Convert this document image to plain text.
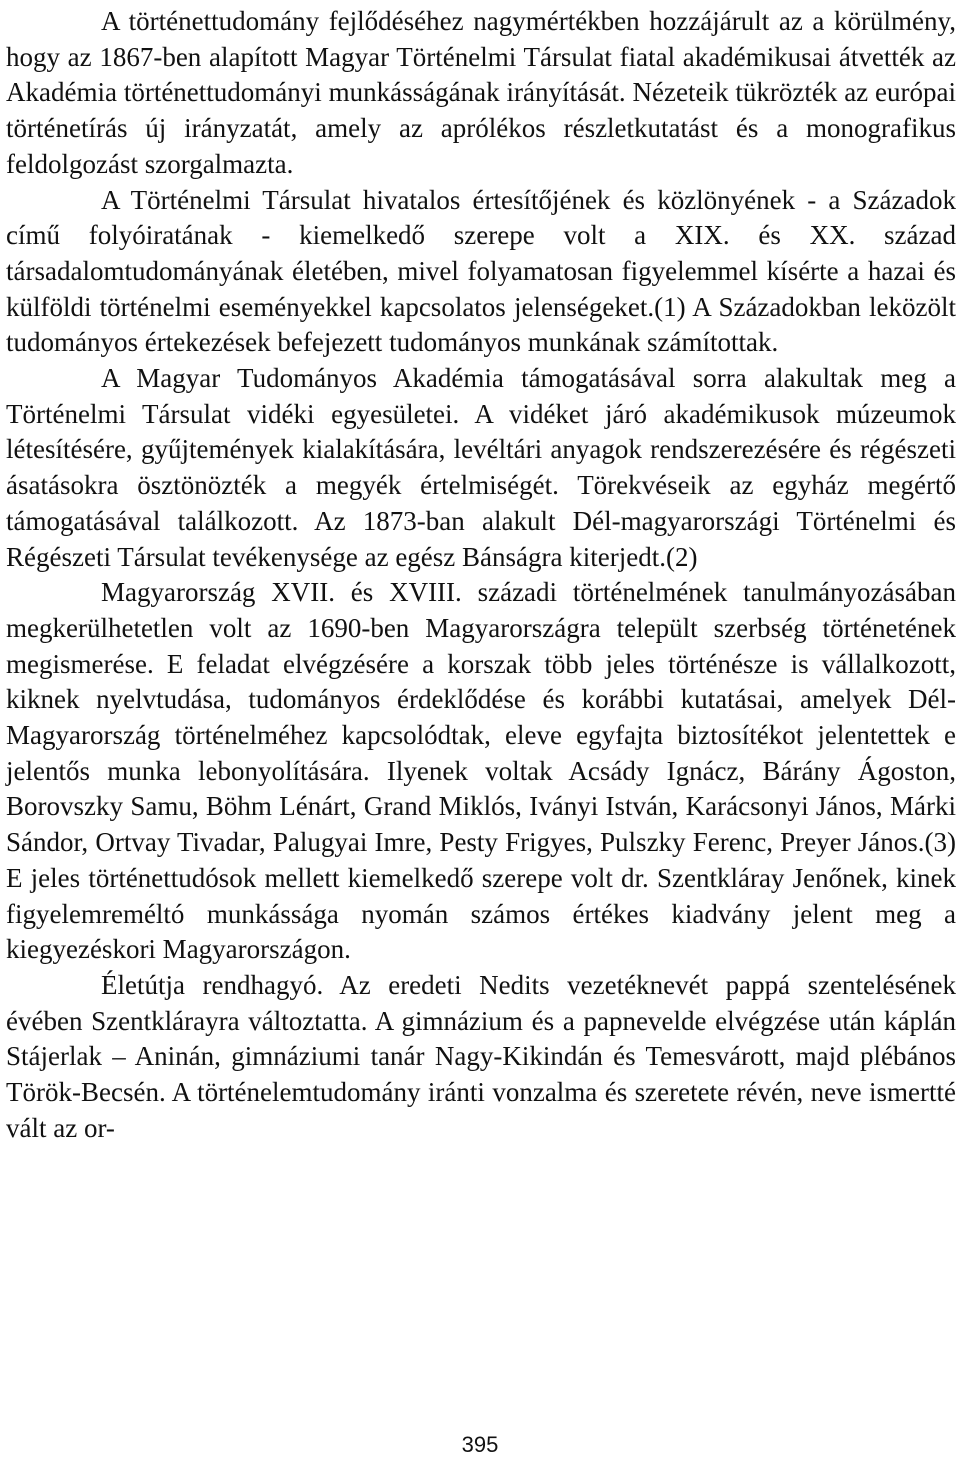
A történettudomány fejlődéséhez nagymértékben hozzájárult az a körülmény, hogy az 1867-ben alapított Magyar Történelmi Társulat fiatal akadémikusai átvették az Akadémia történettudományi munkásságának irányítását. Nézeteik tükrözték az európai történetírás új irányzatát, amely az aprólékos részletkutatást és a monografikus feldolgozást szorgalmazta.

A Történelmi Társulat hivatalos értesítőjének és közlönyének - a Századok című folyóiratának - kiemelkedő szerepe volt a XIX. és XX. század társadalomtudományának életében, mivel folyamatosan figyelemmel kísérte a hazai és külföldi történelmi eseményekkel kapcsolatos jelenségeket.(1) A Századokban leközölt tudományos értekezések befejezett tudományos munkának számítottak.

A Magyar Tudományos Akadémia támogatásával sorra alakultak meg a Történelmi Társulat vidéki egyesületei. A vidéket járó akadémikusok múzeumok létesítésére, gyűjtemények kialakítására, levéltári anyagok rendszerezésére és régészeti ásatásokra ösztönözték a megyék értelmiségét. Törekvéseik az egyház megértő támogatásával találkozott. Az 1873-ban alakult Dél-magyarországi Történelmi és Régészeti Társulat tevékenysége az egész Bánságra kiterjedt.(2)

Magyarország XVII. és XVIII. századi történelmének tanulmányozásában megkerülhetetlen volt az 1690-ben Magyarországra települt szerbség történetének megismerése. E feladat elvégzésére a korszak több jeles történésze is vállalkozott, kiknek nyelvtudása, tudományos érdeklődése és korábbi kutatásai, amelyek Dél-Magyarország történelméhez kapcsolódtak, eleve egyfajta biztosítékot jelentettek e jelentős munka lebonyolítására. Ilyenek voltak Acsády Ignácz, Bárány Ágoston, Borovszky Samu, Böhm Lénárt, Grand Miklós, Iványi István, Karácsonyi János, Márki Sándor, Ortvay Tivadar, Palugyai Imre, Pesty Frigyes, Pulszky Ferenc, Preyer János.(3) E jeles történettudósok mellett kiemelkedő szerepe volt dr. Szentkláray Jenőnek, kinek figyelemreméltó munkássága nyomán számos értékes kiadvány jelent meg a kiegyezéskori Magyarországon.

Életútja rendhagyó. Az eredeti Nedits vezetéknevét pappá szentelésének évében Szentklárayra változtatta. A gimnázium és a papnevelde elvégzése után káplán Stájerlak – Aninán, gimnáziumi tanár Nagy-Kikindán és Temesvárott, majd plébános Török-Becsén. A történelemtudomány iránti vonzalma és szeretete révén, neve ismertté vált az or-

395
